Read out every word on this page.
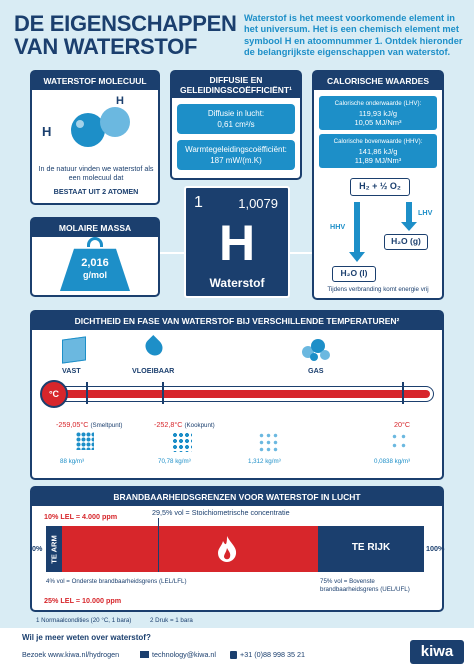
DE EIGENSCHAPPEN
VAN WATERSTOF
Waterstof is het meest voorkomende element in het universum. Het is een chemisch element met symbool H en atoomnummer 1. Ontdek hieronder de belangrijkste eigenschappen van waterstof.
WATERSTOF MOLECUUL
H
H
In de natuur vinden we waterstof als een molecuul dat
BESTAAT UIT 2 ATOMEN
MOLAIRE MASSA
2,016
g/mol
DIFFUSIE EN
GELEIDINGSCOËFFICIËNT¹
Diffusie in lucht:
0,61 cm²/s
Warmtegeleidingscoëfficiënt:
187 mW/(m.K)
1	1,0079
H
Waterstof
CALORISCHE WAARDES
Calorische onderwaarde (LHV):
119,93 kJ/g
10,05 MJ/Nm³
Calorische bovenwaarde (HHV):
141,86 kJ/g
11,89 MJ/Nm³
H₂ + ½ O₂
HHV
LHV
H₂O (g)
H₂O (l)
Tijdens verbranding komt energie vrij
DICHTHEID EN FASE VAN WATERSTOF BIJ VERSCHILLENDE TEMPERATUREN²
VAST	VLOEIBAAR	GAS
°C
-259,05°C (Smeltpunt)	-252,8°C (Kookpunt)	20°C
88 kg/m³	70,78 kg/m³	1,312 kg/m³	0,0838 kg/m³
BRANDBAARHEIDSGRENZEN VOOR WATERSTOF IN LUCHT
10% LEL = 4.000 ppm	29,5% vol = Stoichiometrische concentratie
0%	100%
TE ARM	TE RIJK
4% vol = Onderste brandbaarheidsgrens (LEL/LFL)	75% vol = Bovenste brandbaarheidsgrens (UEL/UFL)
25% LEL = 10.000 ppm
1 Normaalcondities (20 °C, 1 bara)	2 Druk = 1 bara
Wil je meer weten over waterstof?
Bezoek www.kiwa.nl/hydrogen	technology@kiwa.nl	+31 (0)88 998 35 21	kiwa
